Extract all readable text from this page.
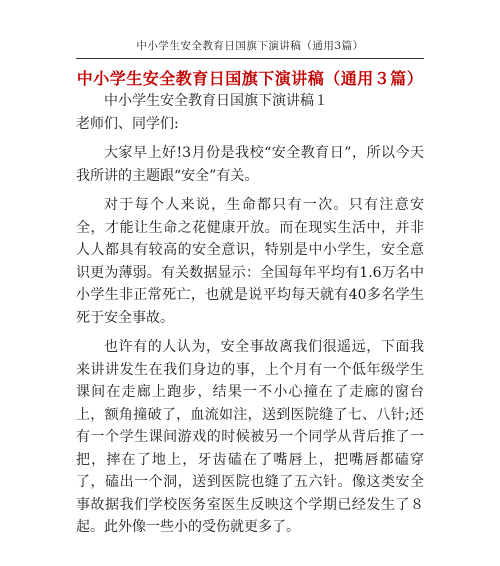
中小学生安全教育日国旗下演讲稿（通用3篇）
中小学生安全教育日国旗下演讲稿（通用３篇）

中小学生安全教育日国旗下演讲稿１

老师们、同学们:

大家早上好!3月份是我校“安全教育日”，所以今天我所讲的主题跟“安全”有关。

对于每个人来说，生命都只有一次。只有注意安全，才能让生命之花健康开放。而在现实生活中，并非人人都具有较高的安全意识，特别是中小学生，安全意识更为薄弱。有关数据显示：全国每年平均有1.6万名中小学生非正常死亡，也就是说平均每天就有40多名学生死于安全事故。

也许有的人认为，安全事故离我们很遥远，下面我来讲讲发生在我们身边的事，上个月有一个低年级学生课间在走廊上跑步，结果一不小心撞在了走廊的窗台上，额角撞破了，血流如注，送到医院缝了七、八针;还有一个学生课间游戏的时候被另一个同学从背后推了一把，摔在了地上，牙齿磕在了嘴唇上，把嘴唇都磕穿了，磕出一个洞，送到医院也缝了五六针。像这类安全事故据我们学校医务室医生反映这个学期已经发生了８起。此外像一些小的受伤就更多了。
